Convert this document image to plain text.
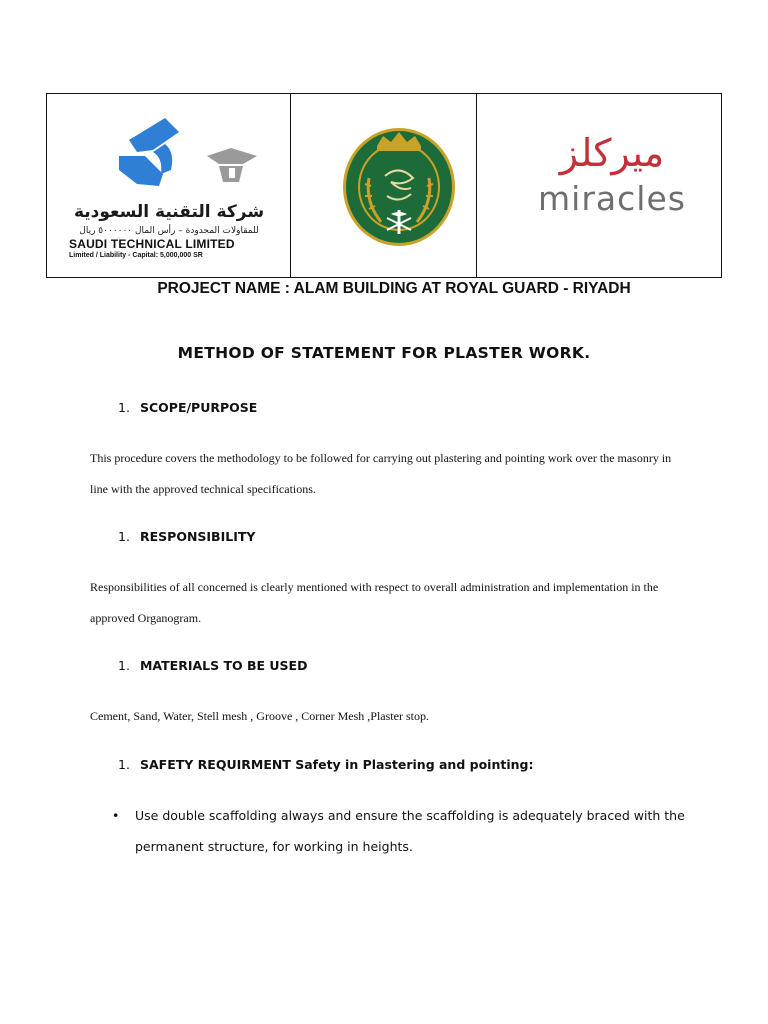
شركة التقنية السعودية
للمقاولات المحدودة – رأس المال ٥٠٠٠٠٠٠ ريال
SAUDI TECHNICAL LIMITED
Limited / Liability - Capital: 5,000,000 SR
ميركلز
miracles
PROJECT NAME : ALAM BUILDING AT ROYAL GUARD - RIYADH
METHOD OF STATEMENT FOR PLASTER WORK.
1. SCOPE/PURPOSE
This procedure covers the methodology to be followed for carrying out plastering and pointing work over the masonry in line with the approved technical specifications.
1. RESPONSIBILITY
Responsibilities of all concerned is clearly mentioned with respect to overall administration and implementation in the approved Organogram.
1. MATERIALS TO BE USED
Cement, Sand, Water, Stell mesh , Groove , Corner Mesh ,Plaster stop.
1. SAFETY REQUIRMENT Safety in Plastering and pointing:
• Use double scaffolding always and ensure the scaffolding is adequately braced with the permanent structure, for working in heights.
